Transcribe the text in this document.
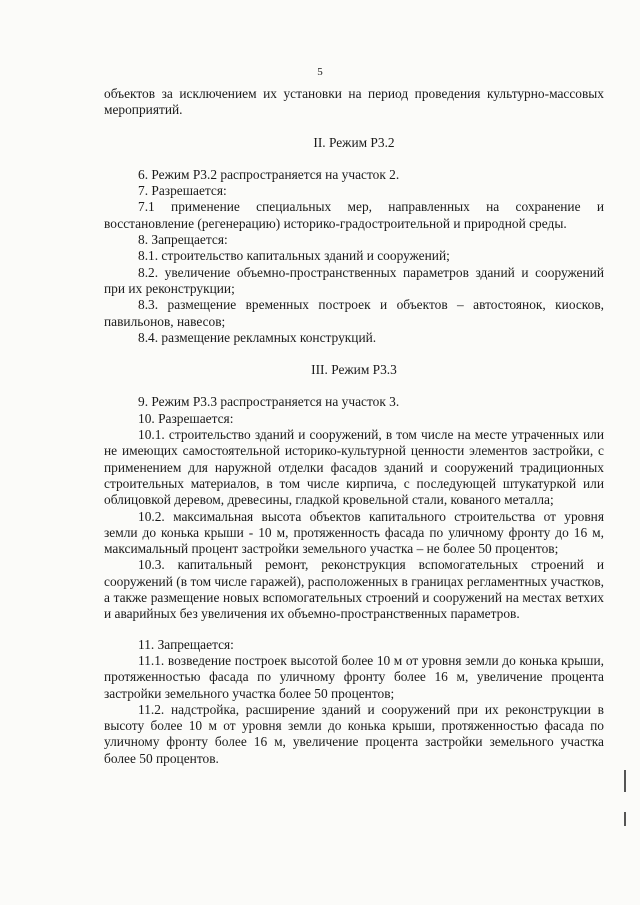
5

объектов за исключением их установки на период проведения культурно-массовых мероприятий.

II. Режим Р3.2

6. Режим Р3.2 распространяется на участок 2.

7. Разрешается:

7.1 применение специальных мер, направленных на сохранение и восстановление (регенерацию) историко-градостроительной и природной среды.

8. Запрещается:

8.1. строительство капитальных зданий и сооружений;

8.2. увеличение объемно-пространственных параметров зданий и сооружений при их реконструкции;

8.3. размещение временных построек и объектов – автостоянок, киосков, павильонов, навесов;

8.4. размещение рекламных конструкций.

III. Режим Р3.3

9. Режим Р3.3 распространяется на участок 3.

10. Разрешается:

10.1. строительство зданий и сооружений, в том числе на месте утраченных или не имеющих самостоятельной историко-культурной ценности элементов застройки, с применением для наружной отделки фасадов зданий и сооружений традиционных строительных материалов, в том числе кирпича, с последующей штукатуркой или облицовкой деревом, древесины, гладкой кровельной стали, кованого металла;

10.2. максимальная высота объектов капитального строительства от уровня земли до конька крыши - 10 м, протяженность фасада по уличному фронту до 16 м, максимальный процент застройки земельного участка – не более 50 процентов;

10.3. капитальный ремонт, реконструкция вспомогательных строений и сооружений (в том числе гаражей), расположенных в границах регламентных участков, а также размещение новых вспомогательных строений и сооружений на местах ветхих и аварийных без увеличения их объемно-пространственных параметров.

11. Запрещается:

11.1. возведение построек высотой более 10 м от уровня земли до конька крыши, протяженностью фасада по уличному фронту более 16 м, увеличение процента застройки земельного участка более 50 процентов;

11.2. надстройка, расширение зданий и сооружений при их реконструкции в высоту более 10 м от уровня земли до конька крыши, протяженностью фасада по уличному фронту более 16 м, увеличение процента застройки земельного участка более 50 процентов.
